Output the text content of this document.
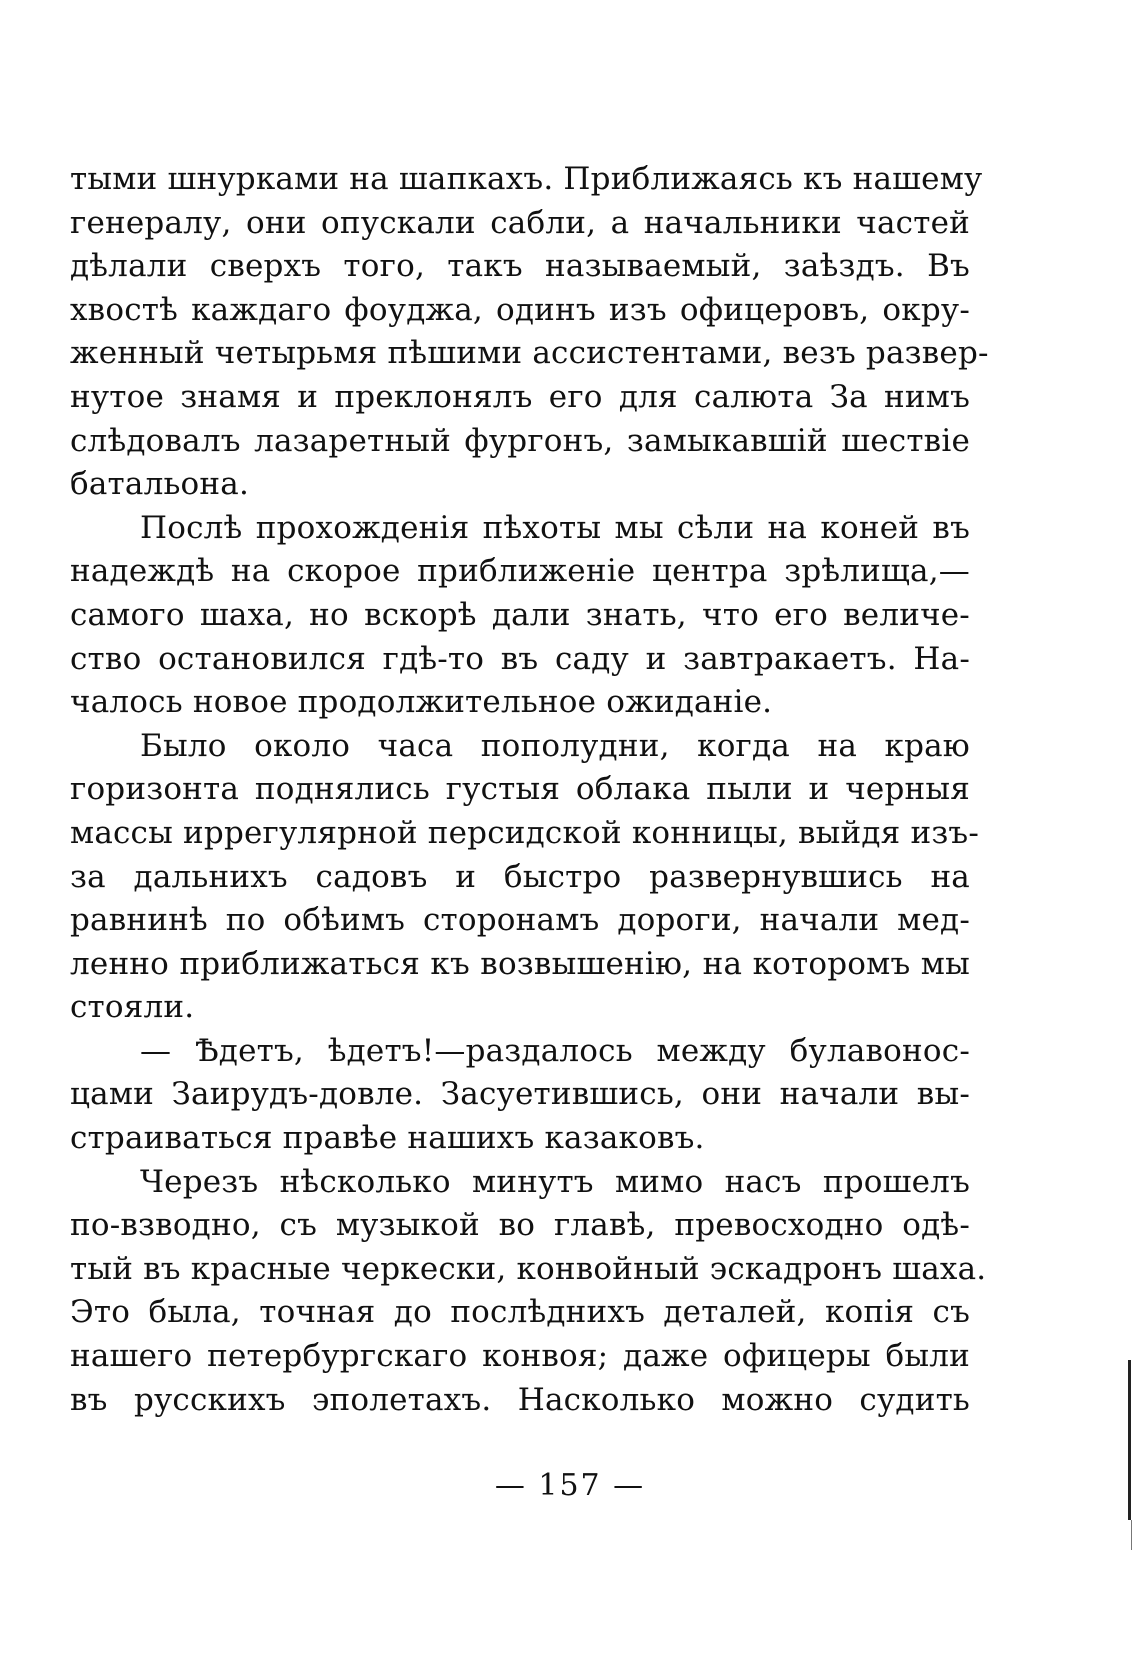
тыми шнурками на шапкахъ. Приближаясь къ нашему
генералу, они опускали сабли, а начальники частей
дѣлали сверхъ того, такъ называемый, заѣздъ. Въ
хвостѣ каждаго фоуджа, одинъ изъ офицеровъ, окру-
женный четырьмя пѣшими ассистентами, везъ развер-
нутое знамя и преклонялъ его для салюта За нимъ
слѣдовалъ лазаретный фургонъ, замыкавшій шествіе
батальона.
Послѣ прохожденія пѣхоты мы сѣли на коней въ
надеждѣ на скорое приближеніе центра зрѣлища,—
самого шаха, но вскорѣ дали знать, что его величе-
ство остановился гдѣ-то въ саду и завтракаетъ. На-
чалось новое продолжительное ожиданіе.
Было около часа пополудни, когда на краю
горизонта поднялись густыя облака пыли и черныя
массы иррегулярной персидской конницы, выйдя изъ-
за дальнихъ садовъ и быстро развернувшись на
равнинѣ по обѣимъ сторонамъ дороги, начали мед-
ленно приближаться къ возвышенію, на которомъ мы
стояли.
— Ѣдетъ, ѣдетъ!—раздалось между булавонос-
цами Заирудъ-довле. Засуетившись, они начали вы-
страиваться правѣе нашихъ казаковъ.
Черезъ нѣсколько минутъ мимо насъ прошелъ
по-взводно, съ музыкой во главѣ, превосходно одѣ-
тый въ красные черкески, конвойный эскадронъ шаха.
Это была, точная до послѣднихъ деталей, копія съ
нашего петербургскаго конвоя; даже офицеры были
въ русскихъ эполетахъ. Насколько можно судить
— 157 —
